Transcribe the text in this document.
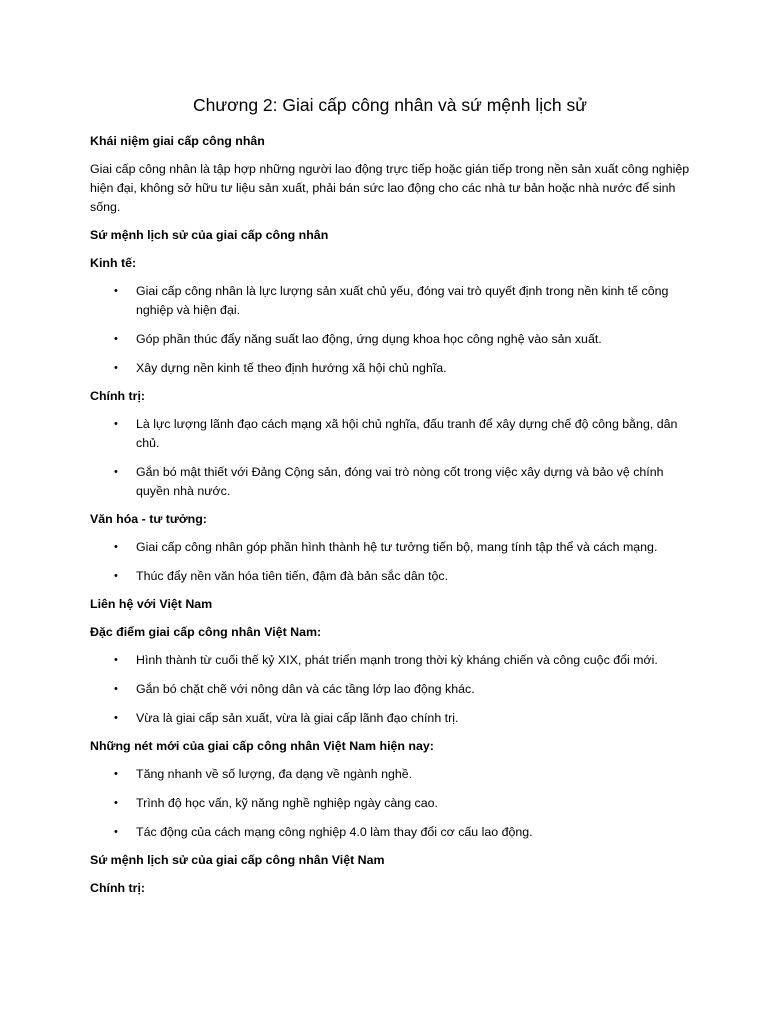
Chương 2: Giai cấp công nhân và sứ mệnh lịch sử
Khái niệm giai cấp công nhân

Giai cấp công nhân là tập hợp những người lao động trực tiếp hoặc gián tiếp trong nền sản xuất công nghiệp hiện đại, không sở hữu tư liệu sản xuất, phải bán sức lao động cho các nhà tư bản hoặc nhà nước để sinh sống.

Sứ mệnh lịch sử của giai cấp công nhân
Kinh tế:
• Giai cấp công nhân là lực lượng sản xuất chủ yếu, đóng vai trò quyết định trong nền kinh tế công nghiệp và hiện đại.
• Góp phần thúc đẩy năng suất lao động, ứng dụng khoa học công nghệ vào sản xuất.
• Xây dựng nền kinh tế theo định hướng xã hội chủ nghĩa.
Chính trị:
• Là lực lượng lãnh đạo cách mạng xã hội chủ nghĩa, đấu tranh để xây dựng chế độ công bằng, dân chủ.
• Gắn bó mật thiết với Đảng Cộng sản, đóng vai trò nòng cốt trong việc xây dựng và bảo vệ chính quyền nhà nước.
Văn hóa - tư tưởng:
• Giai cấp công nhân góp phần hình thành hệ tư tưởng tiến bộ, mang tính tập thể và cách mạng.
• Thúc đẩy nền văn hóa tiên tiến, đậm đà bản sắc dân tộc.
Liên hệ với Việt Nam
Đặc điểm giai cấp công nhân Việt Nam:
• Hình thành từ cuối thế kỷ XIX, phát triển mạnh trong thời kỳ kháng chiến và công cuộc đổi mới.
• Gắn bó chặt chẽ với nông dân và các tầng lớp lao động khác.
• Vừa là giai cấp sản xuất, vừa là giai cấp lãnh đạo chính trị.
Những nét mới của giai cấp công nhân Việt Nam hiện nay:
• Tăng nhanh về số lượng, đa dạng về ngành nghề.
• Trình độ học vấn, kỹ năng nghề nghiệp ngày càng cao.
• Tác động của cách mạng công nghiệp 4.0 làm thay đổi cơ cấu lao động.
Sứ mệnh lịch sử của giai cấp công nhân Việt Nam
Chính trị:
